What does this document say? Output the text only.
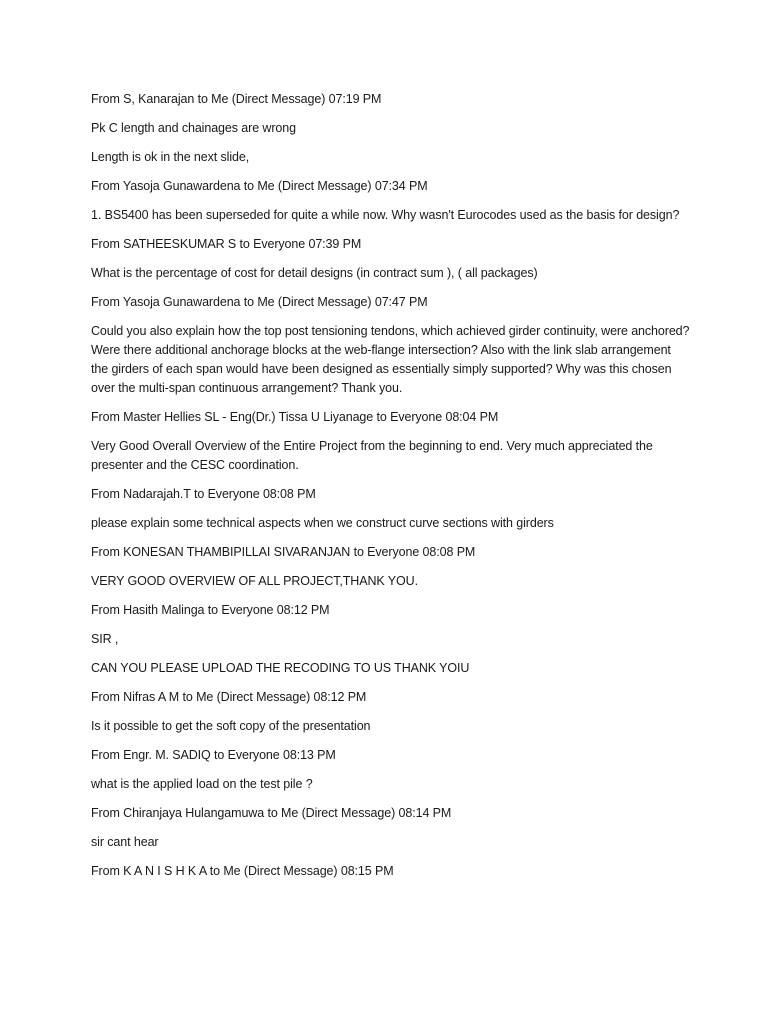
From S, Kanarajan to Me (Direct Message) 07:19 PM

Pk C length and chainages are wrong

Length is ok in the next slide,

From Yasoja Gunawardena to Me (Direct Message) 07:34 PM

1. BS5400 has been superseded for quite a while now. Why wasn't Eurocodes used as the basis for design?

From SATHEESKUMAR S to Everyone 07:39 PM

What is the percentage of cost for detail designs (in contract sum ), ( all packages)

From Yasoja Gunawardena to Me (Direct Message) 07:47 PM

Could you also explain how the top post tensioning tendons, which achieved girder continuity, were anchored? Were there additional anchorage blocks at the web-flange intersection? Also with the link slab arrangement the girders of each span would have been designed as essentially simply supported? Why was this chosen over the multi-span continuous arrangement? Thank you.

From Master Hellies SL - Eng(Dr.) Tissa U Liyanage to Everyone 08:04 PM

Very Good Overall Overview of the Entire Project from the beginning to end. Very much appreciated the presenter and the CESC coordination.

From Nadarajah.T to Everyone 08:08 PM

please explain some technical aspects when we construct curve sections with girders

From KONESAN THAMBIPILLAI SIVARANJAN to Everyone 08:08 PM

VERY GOOD OVERVIEW OF ALL PROJECT,THANK YOU.

From Hasith Malinga to Everyone 08:12 PM

SIR ,

CAN YOU PLEASE UPLOAD THE RECODING TO US THANK YOIU

From Nifras A M to Me (Direct Message) 08:12 PM

Is it possible to get the soft copy of the presentation

From Engr. M. SADIQ to Everyone 08:13 PM

what is the applied load on the test pile ?

From Chiranjaya Hulangamuwa to Me (Direct Message) 08:14 PM

sir cant hear

From K A N I S H K A to Me (Direct Message) 08:15 PM
